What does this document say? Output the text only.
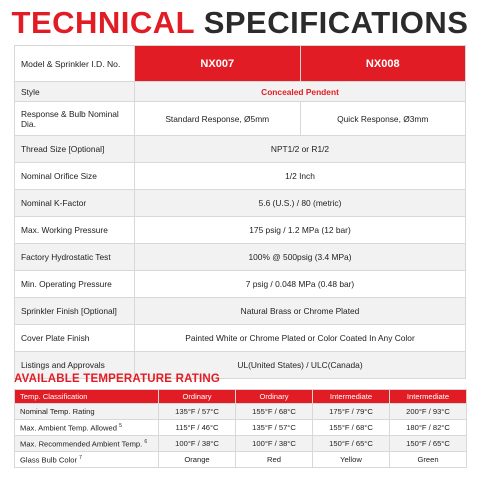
TECHNICAL SPECIFICATIONS
Model & Sprinkler I.D. No.	NX007	NX008
Style	Concealed Pendent	
Response & Bulb Nominal Dia.	Standard Response, Ø5mm	Quick Response, Ø3mm
Thread Size [Optional]	NPT1/2 or R1/2	
Nominal Orifice Size	1/2 Inch	
Nominal K-Factor	5.6 (U.S.) / 80 (metric)	
Max. Working Pressure	175 psig / 1.2 MPa (12 bar)	
Factory Hydrostatic Test	100% @ 500psig (3.4 MPa)	
Min. Operating Pressure	7 psig / 0.048 MPa (0.48 bar)	
Sprinkler Finish [Optional]	Natural Brass or Chrome Plated	
Cover Plate Finish	Painted White or Chrome Plated or Color Coated In Any Color	
Listings and Approvals	UL(United States) / ULC(Canada)	
AVAILABLE TEMPERATURE RATING
Temp. Classification	Ordinary	Ordinary	Intermediate	Intermediate
Nominal Temp. Rating	135°F / 57°C	155°F / 68°C	175°F / 79°C	200°F / 93°C
Max. Ambient Temp. Allowed $^5$	115°F / 46°C	135°F / 57°C	155°F / 68°C	180°F / 82°C
Max. Recommended Ambient Temp. $^6$	100°F / 38°C	100°F / 38°C	150°F / 65°C	150°F / 65°C
Glass Bulb Color $^7$	Orange	Red	Yellow	Green
